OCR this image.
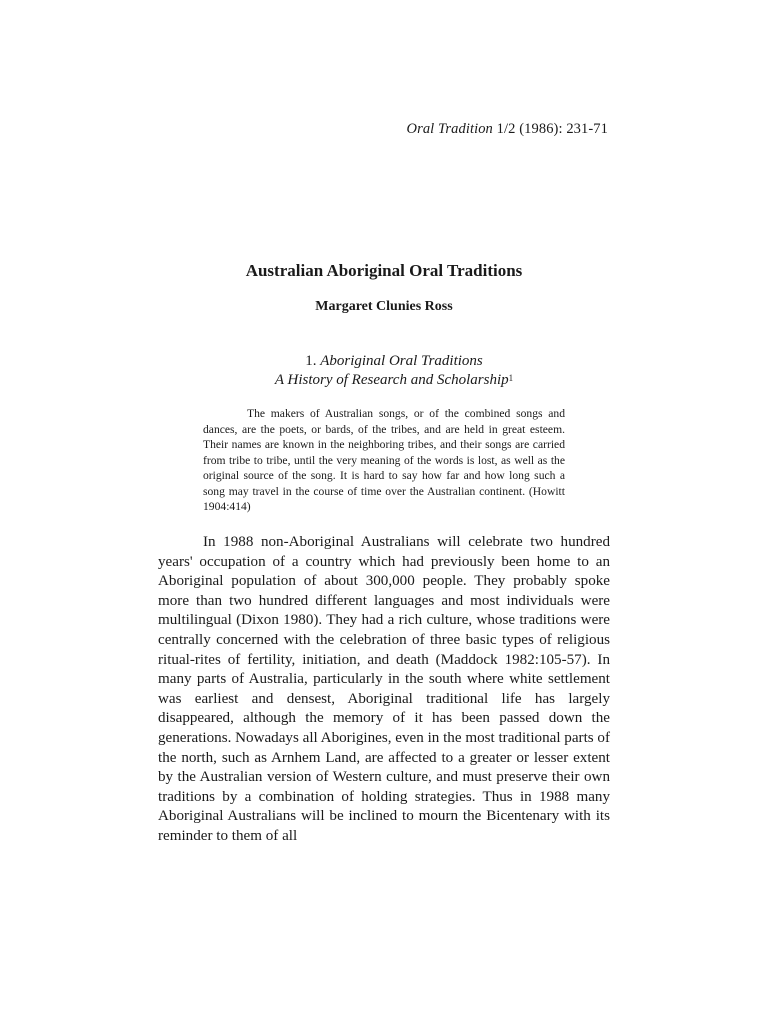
Oral Tradition 1/2 (1986): 231-71
Australian Aboriginal Oral Traditions
Margaret Clunies Ross
1. Aboriginal Oral Traditions
A History of Research and Scholarship$^1$

The makers of Australian songs, or of the combined songs and dances, are the poets, or bards, of the tribes, and are held in great esteem. Their names are known in the neighboring tribes, and their songs are carried from tribe to tribe, until the very meaning of the words is lost, as well as the original source of the song. It is hard to say how far and how long such a song may travel in the course of time over the Australian continent. (Howitt 1904:414)

In 1988 non-Aboriginal Australians will celebrate two hundred years' occupation of a country which had previously been home to an Aboriginal population of about 300,000 people. They probably spoke more than two hundred different languages and most individuals were multilingual (Dixon 1980). They had a rich culture, whose traditions were centrally concerned with the celebration of three basic types of religious ritual-rites of fertility, initiation, and death (Maddock 1982:105-57). In many parts of Australia, particularly in the south where white settlement was earliest and densest, Aboriginal traditional life has largely disappeared, although the memory of it has been passed down the generations. Nowadays all Aborigines, even in the most traditional parts of the north, such as Arnhem Land, are affected to a greater or lesser extent by the Australian version of Western culture, and must preserve their own traditions by a combination of holding strategies. Thus in 1988 many Aboriginal Australians will be inclined to mourn the Bicentenary with its reminder to them of all
